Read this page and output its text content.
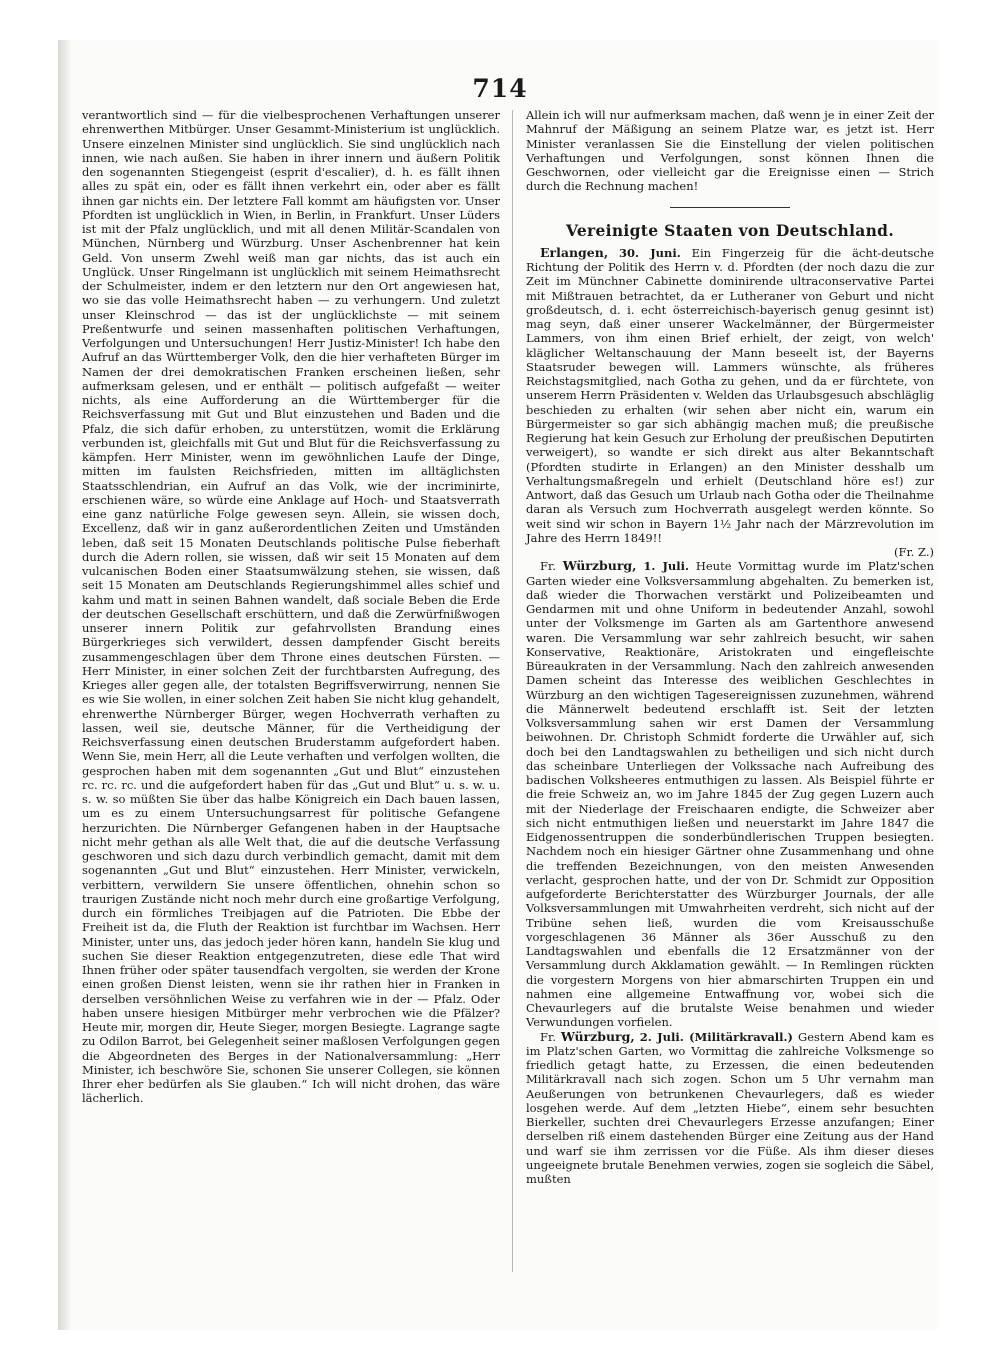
714

verantwortlich sind — für die vielbesprochenen Verhaftungen unserer ehrenwerthen Mitbürger. Unser Gesammt-Ministerium ist unglücklich. Unsere einzelnen Minister sind unglücklich. Sie sind unglücklich nach innen, wie nach außen. Sie haben in ihrer innern und äußern Politik den sogenannten Stiegengeist (esprit d'escalier), d. h. es fällt ihnen alles zu spät ein, oder es fällt ihnen verkehrt ein, oder aber es fällt ihnen gar nichts ein. Der letztere Fall kommt am häufigsten vor. Unser Pfordten ist unglücklich in Wien, in Berlin, in Frankfurt. Unser Lüders ist mit der Pfalz unglücklich, und mit all denen Militär-Scandalen von München, Nürnberg und Würzburg. Unser Aschenbrenner hat kein Geld. Von unserm Zwehl weiß man gar nichts, das ist auch ein Unglück. Unser Ringelmann ist unglücklich mit seinem Heimathsrecht der Schulmeister, indem er den letztern nur den Ort angewiesen hat, wo sie das volle Heimathsrecht haben — zu verhungern. Und zuletzt unser Kleinschrod — das ist der unglücklichste — mit seinem Preßentwurfe und seinen massenhaften politischen Verhaftungen, Verfolgungen und Untersuchungen! Herr Justiz-Minister! Ich habe den Aufruf an das Württemberger Volk, den die hier verhafteten Bürger im Namen der drei demokratischen Franken erscheinen ließen, sehr aufmerksam gelesen, und er enthält — politisch aufgefaßt — weiter nichts, als eine Aufforderung an die Württemberger für die Reichsverfassung mit Gut und Blut einzustehen und Baden und die Pfalz, die sich dafür erhoben, zu unterstützen, womit die Erklärung verbunden ist, gleichfalls mit Gut und Blut für die Reichsverfassung zu kämpfen. Herr Minister, wenn im gewöhnlichen Laufe der Dinge, mitten im faulsten Reichsfrieden, mitten im alltäglichsten Staatsschlendrian, ein Aufruf an das Volk, wie der incriminirte, erschienen wäre, so würde eine Anklage auf Hoch- und Staatsverrath eine ganz natürliche Folge gewesen seyn. Allein, sie wissen doch, Excellenz, daß wir in ganz außerordentlichen Zeiten und Umständen leben, daß seit 15 Monaten Deutschlands politische Pulse fieberhaft durch die Adern rollen, sie wissen, daß wir seit 15 Monaten auf dem vulcanischen Boden einer Staatsumwälzung stehen, sie wissen, daß seit 15 Monaten am Deutschlands Regierungshimmel alles schief und kahm und matt in seinen Bahnen wandelt, daß sociale Beben die Erde der deutschen Gesellschaft erschüttern, und daß die Zerwürfnißwogen unserer innern Politik zur gefahrvollsten Brandung eines Bürgerkrieges sich verwildert, dessen dampfender Gischt bereits zusammengeschlagen über dem Throne eines deutschen Fürsten. — Herr Minister, in einer solchen Zeit der furchtbarsten Aufregung, des Krieges aller gegen alle, der totalsten Begriffsverwirrung, nennen Sie es wie Sie wollen, in einer solchen Zeit haben Sie nicht klug gehandelt, ehrenwerthe Nürnberger Bürger, wegen Hochverrath verhaften zu lassen, weil sie, deutsche Männer, für die Vertheidigung der Reichsverfassung einen deutschen Bruderstamm aufgefordert haben. Wenn Sie, mein Herr, all die Leute verhaften und verfolgen wollten, die gesprochen haben mit dem sogenannten „Gut und Blut“ einzustehen rc. rc. rc. und die aufgefordert haben für das „Gut und Blut“ u. s. w. u. s. w. so müßten Sie über das halbe Königreich ein Dach bauen lassen, um es zu einem Untersuchungsarrest für politische Gefangene herzurichten. Die Nürnberger Gefangenen haben in der Hauptsache nicht mehr gethan als alle Welt that, die auf die deutsche Verfassung geschworen und sich dazu durch verbindlich gemacht, damit mit dem sogenannten „Gut und Blut“ einzustehen. Herr Minister, verwickeln, verbittern, verwildern Sie unsere öffentlichen, ohnehin schon so traurigen Zustände nicht noch mehr durch eine großartige Verfolgung, durch ein förmliches Treibjagen auf die Patrioten. Die Ebbe der Freiheit ist da, die Fluth der Reaktion ist furchtbar im Wachsen. Herr Minister, unter uns, das jedoch jeder hören kann, handeln Sie klug und suchen Sie dieser Reaktion entgegenzutreten, diese edle That wird Ihnen früher oder später tausendfach vergolten, sie werden der Krone einen großen Dienst leisten, wenn sie ihr rathen hier in Franken in derselben versöhnlichen Weise zu verfahren wie in der — Pfalz. Oder haben unsere hiesigen Mitbürger mehr verbrochen wie die Pfälzer? Heute mir, morgen dir, Heute Sieger, morgen Besiegte. Lagrange sagte zu Odilon Barrot, bei Gelegenheit seiner maßlosen Verfolgungen gegen die Abgeordneten des Berges in der Nationalversammlung: „Herr Minister, ich beschwöre Sie, schonen Sie unserer Collegen, sie können Ihrer eher bedürfen als Sie glauben.“ Ich will nicht drohen, das wäre lächerlich.

Allein ich will nur aufmerksam machen, daß wenn je in einer Zeit der Mahnruf der Mäßigung an seinem Platze war, es jetzt ist. Herr Minister veranlassen Sie die Einstellung der vielen politischen Verhaftungen und Verfolgungen, sonst können Ihnen die Geschwornen, oder vielleicht gar die Ereignisse einen — Strich durch die Rechnung machen!

Vereinigte Staaten von Deutschland.

Erlangen, 30. Juni. Ein Fingerzeig für die ächt-deutsche Richtung der Politik des Herrn v. d. Pfordten (der noch dazu die zur Zeit im Münchner Cabinette dominirende ultraconservative Partei mit Mißtrauen betrachtet, da er Lutheraner von Geburt und nicht großdeutsch, d. i. echt österreichisch-bayerisch genug gesinnt ist) mag seyn, daß einer unserer Wackelmänner, der Bürgermeister Lammers, von ihm einen Brief erhielt, der zeigt, von welch' kläglicher Weltanschauung der Mann beseelt ist, der Bayerns Staatsruder bewegen will. Lammers wünschte, als früheres Reichstagsmitglied, nach Gotha zu gehen, und da er fürchtete, von unserem Herrn Präsidenten v. Welden das Urlaubsgesuch abschläglig beschieden zu erhalten (wir sehen aber nicht ein, warum ein Bürgermeister so gar sich abhängig machen muß; die preußische Regierung hat kein Gesuch zur Erholung der preußischen Deputirten verweigert), so wandte er sich direkt aus alter Bekanntschaft (Pfordten studirte in Erlangen) an den Minister desshalb um Verhaltungsmaßregeln und erhielt (Deutschland höre es!) zur Antwort, daß das Gesuch um Urlaub nach Gotha oder die Theilnahme daran als Versuch zum Hochverrath ausgelegt werden könnte. So weit sind wir schon in Bayern 1½ Jahr nach der Märzrevolution im Jahre des Herrn 1849!!

(Fr. Z.)

Fr. Würzburg, 1. Juli. Heute Vormittag wurde im Platz'schen Garten wieder eine Volksversammlung abgehalten. Zu bemerken ist, daß wieder die Thorwachen verstärkt und Polizeibeamten und Gendarmen mit und ohne Uniform in bedeutender Anzahl, sowohl unter der Volksmenge im Garten als am Gartenthore anwesend waren. Die Versammlung war sehr zahlreich besucht, wir sahen Konservative, Reaktionäre, Aristokraten und eingefleischte Büreaukraten in der Versammlung. Nach den zahlreich anwesenden Damen scheint das Interesse des weiblichen Geschlechtes in Würzburg an den wichtigen Tagesereignissen zuzunehmen, während die Männerwelt bedeutend erschlafft ist. Seit der letzten Volksversammlung sahen wir erst Damen der Versammlung beiwohnen. Dr. Christoph Schmidt forderte die Urwähler auf, sich doch bei den Landtagswahlen zu betheiligen und sich nicht durch das scheinbare Unterliegen der Volkssache nach Aufreibung des badischen Volksheeres entmuthigen zu lassen. Als Beispiel führte er die freie Schweiz an, wo im Jahre 1845 der Zug gegen Luzern auch mit der Niederlage der Freischaaren endigte, die Schweizer aber sich nicht entmuthigen ließen und neuerstarkt im Jahre 1847 die Eidgenossentruppen die sonderbündlerischen Truppen besiegten. Nachdem noch ein hiesiger Gärtner ohne Zusammenhang und ohne die treffenden Bezeichnungen, von den meisten Anwesenden verlacht, gesprochen hatte, und der von Dr. Schmidt zur Opposition aufgeforderte Berichterstatter des Würzburger Journals, der alle Volksversammlungen mit Umwahrheiten verdreht, sich nicht auf der Tribüne sehen ließ, wurden die vom Kreisausschuße vorgeschlagenen 36 Männer als 36er Ausschuß zu den Landtagswahlen und ebenfalls die 12 Ersatzmänner von der Versammlung durch Akklamation gewählt. — In Remlingen rückten die vorgestern Morgens von hier abmarschirten Truppen ein und nahmen eine allgemeine Entwaffnung vor, wobei sich die Chevaurlegers auf die brutalste Weise benahmen und wieder Verwundungen vorfielen.

Fr. Würzburg, 2. Juli. (Militärkravall.) Gestern Abend kam es im Platz'schen Garten, wo Vormittag die zahlreiche Volksmenge so friedlich getagt hatte, zu Erzessen, die einen bedeutenden Militärkravall nach sich zogen. Schon um 5 Uhr vernahm man Aeußerungen von betrunkenen Chevaurlegers, daß es wieder losgehen werde. Auf dem „letzten Hiebe“, einem sehr besuchten Bierkeller, suchten drei Chevaurlegers Erzesse anzufangen; Einer derselben riß einem dastehenden Bürger eine Zeitung aus der Hand und warf sie ihm zerrissen vor die Füße. Als ihm dieser dieses ungeeignete brutale Benehmen verwies, zogen sie sogleich die Säbel, mußten
